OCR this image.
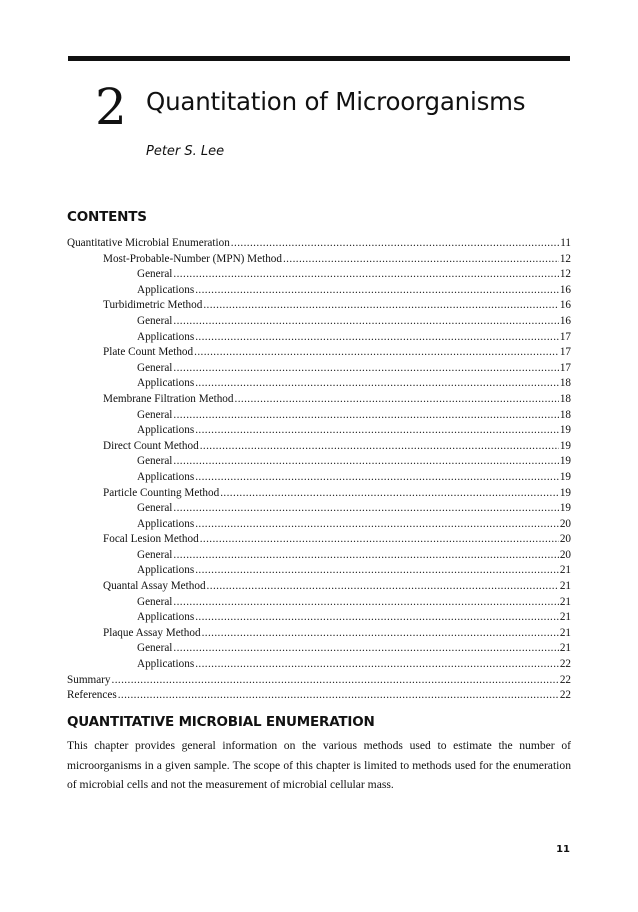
2 Quantitation of Microorganisms
Peter S. Lee
CONTENTS
Quantitative Microbial Enumeration .....	11
Most-Probable-Number (MPN) Method .....	12
General .....	12
Applications .....	16
Turbidimetric Method .....	16
General .....	16
Applications .....	17
Plate Count Method .....	17
General .....	17
Applications .....	18
Membrane Filtration Method .....	18
General .....	18
Applications .....	19
Direct Count Method .....	19
General .....	19
Applications .....	19
Particle Counting Method .....	19
General .....	19
Applications .....	20
Focal Lesion Method .....	20
General .....	20
Applications .....	21
Quantal Assay Method .....	21
General .....	21
Applications .....	21
Plaque Assay Method .....	21
General .....	21
Applications .....	22
Summary .....	22
References .....	22
QUANTITATIVE MICROBIAL ENUMERATION

This chapter provides general information on the various methods used to estimate the number of microorganisms in a given sample. The scope of this chapter is limited to methods used for the enumeration of microbial cells and not the measurement of microbial cellular mass.

11
